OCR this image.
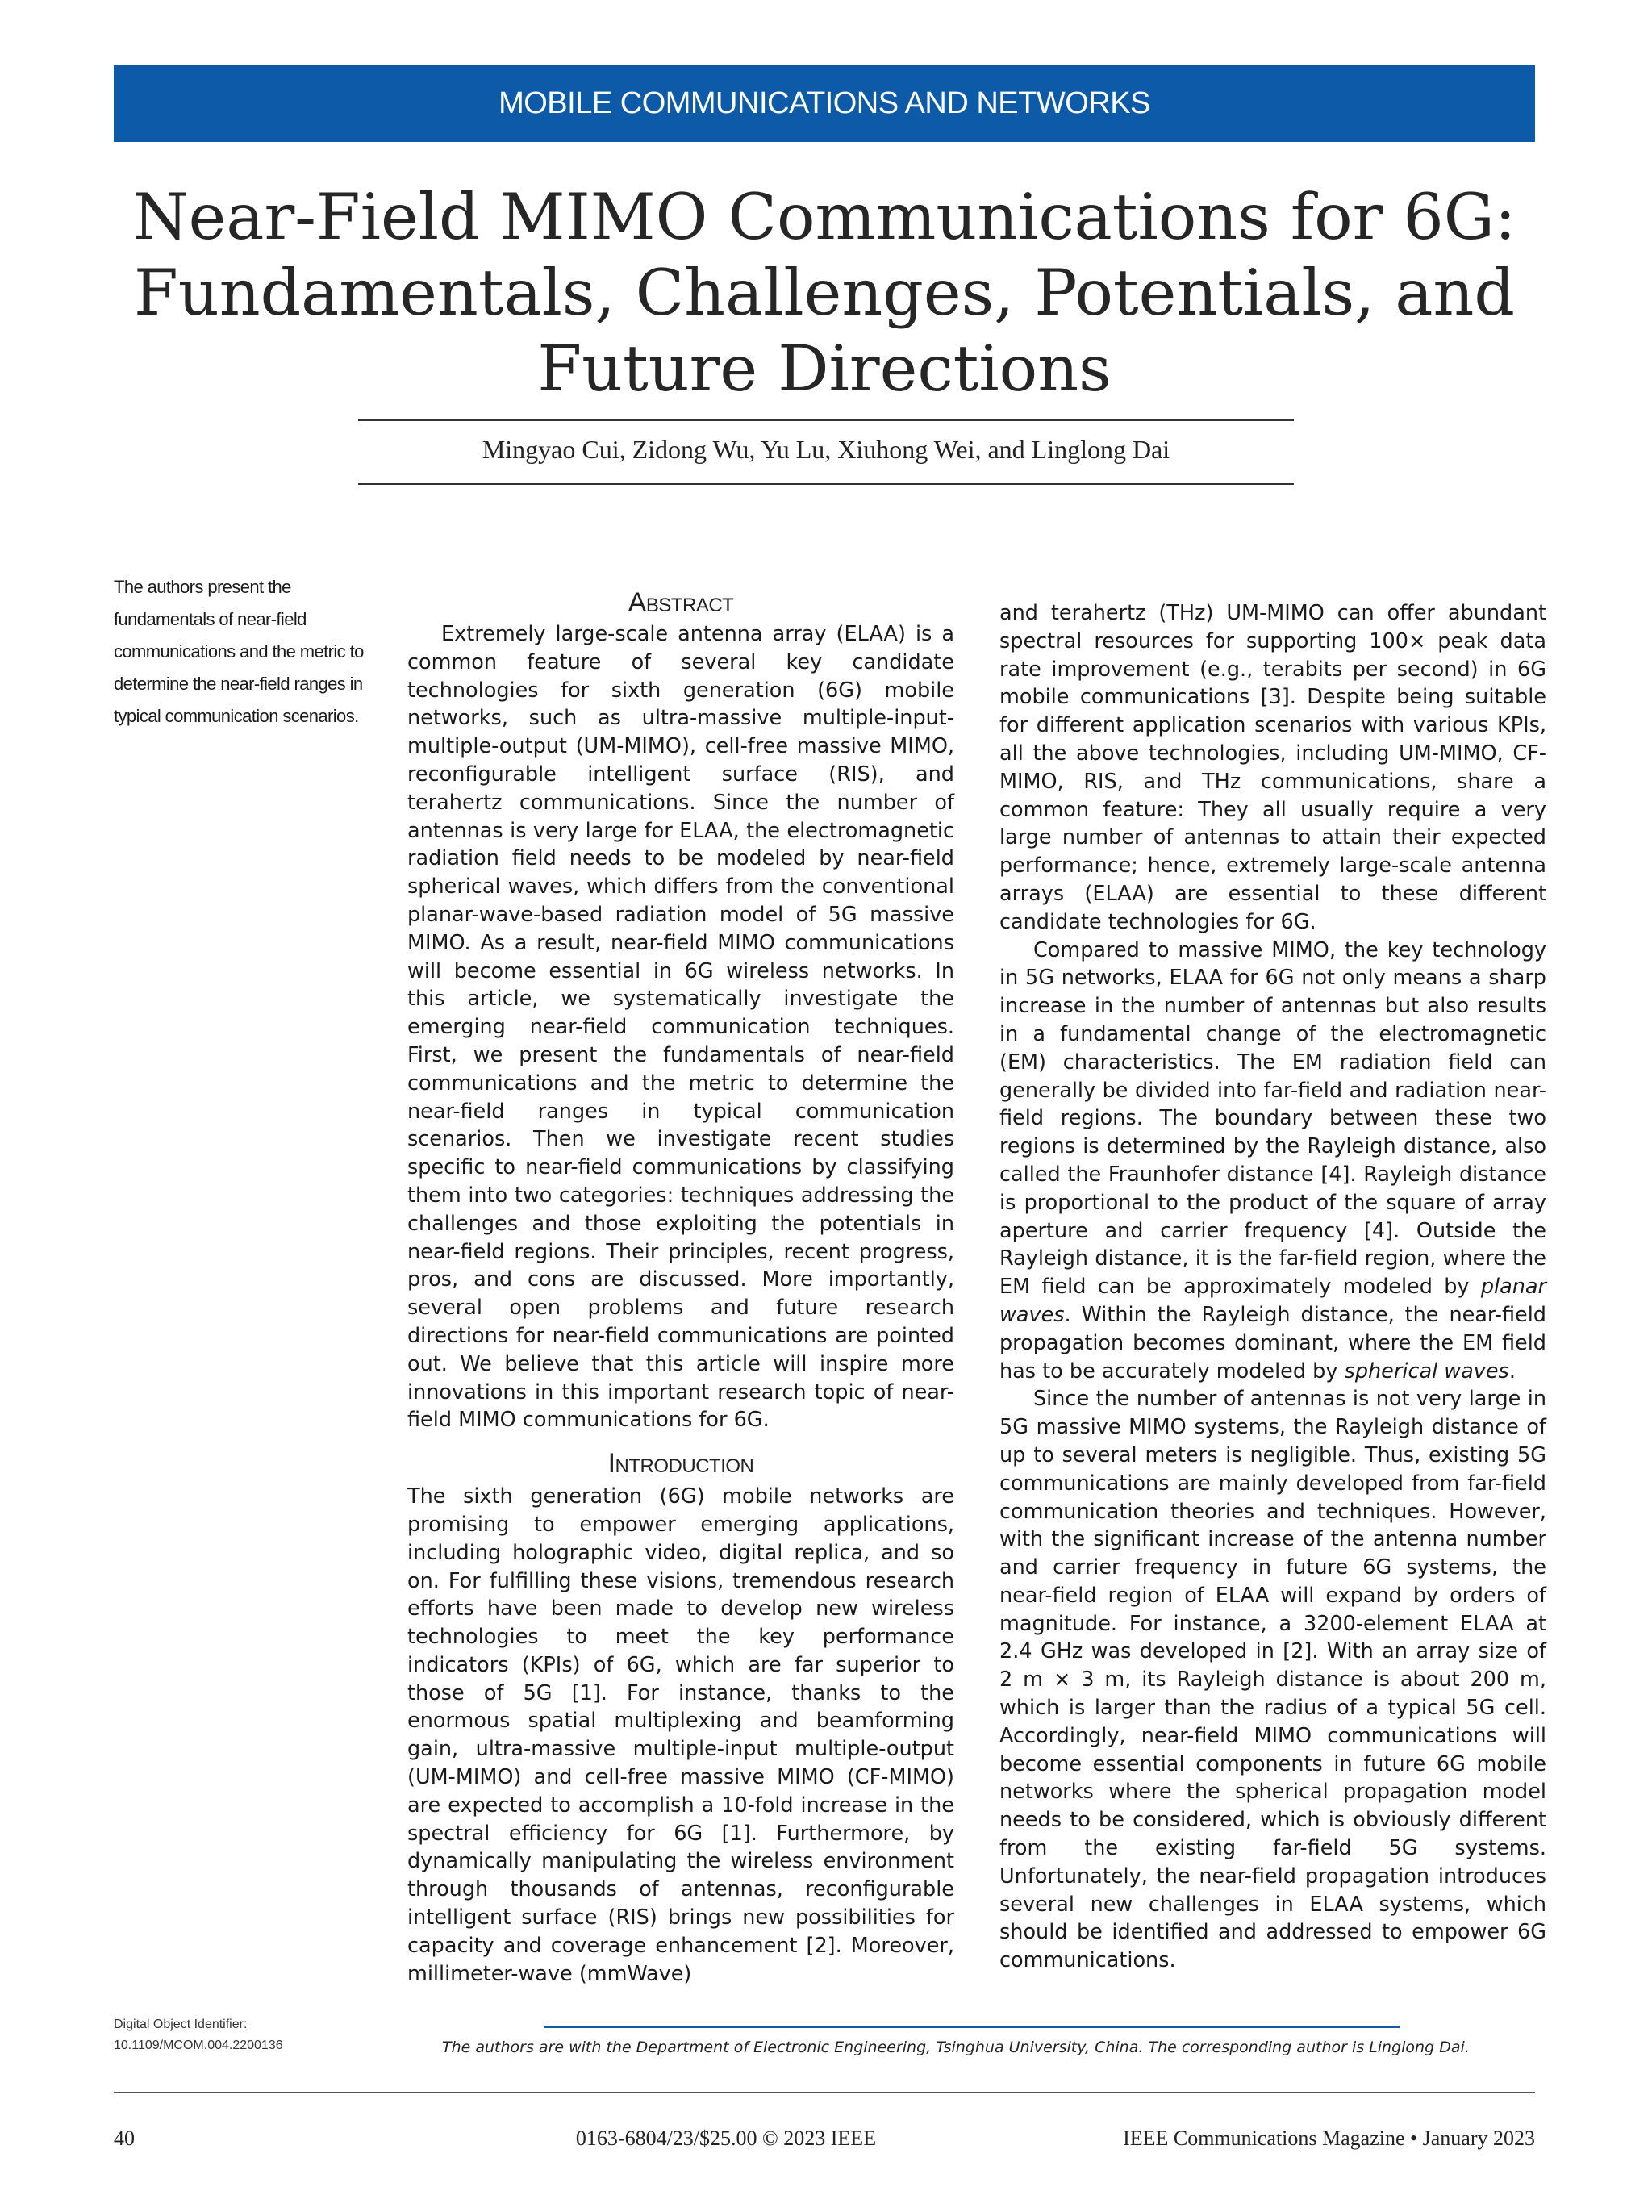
MOBILE COMMUNICATIONS AND NETWORKS
Near-Field MIMO Communications for 6G:
Fundamentals, Challenges, Potentials, and
Future Directions
Mingyao Cui, Zidong Wu, Yu Lu, Xiuhong Wei, and Linglong Dai
The authors present the fundamentals of near-field communications and the metric to determine the near-field ranges in typical communication scenarios.
Digital Object Identifier:
10.1109/MCOM.004.2200136
Abstract

Extremely large-scale antenna array (ELAA) is a common feature of several key candidate technologies for sixth generation (6G) mobile networks, such as ultra-massive multiple-input-multiple-output (UM-MIMO), cell-free massive MIMO, reconfigurable intelligent surface (RIS), and terahertz communications. Since the number of antennas is very large for ELAA, the electromagnetic radiation field needs to be modeled by near-field spherical waves, which differs from the conventional planar-wave-based radiation model of 5G massive MIMO. As a result, near-field MIMO communications will become essential in 6G wireless networks. In this article, we systematically investigate the emerging near-field communication techniques. First, we present the fundamentals of near-field communications and the metric to determine the near-field ranges in typical communication scenarios. Then we investigate recent studies specific to near-field communications by classifying them into two categories: techniques addressing the challenges and those exploiting the potentials in near-field regions. Their principles, recent progress, pros, and cons are discussed. More importantly, several open problems and future research directions for near-field communications are pointed out. We believe that this article will inspire more innovations in this important research topic of near-field MIMO communications for 6G.

Introduction

The sixth generation (6G) mobile networks are promising to empower emerging applications, including holographic video, digital replica, and so on. For fulfilling these visions, tremendous research efforts have been made to develop new wireless technologies to meet the key performance indicators (KPIs) of 6G, which are far superior to those of 5G [1]. For instance, thanks to the enormous spatial multiplexing and beamforming gain, ultra-massive multiple-input multiple-output (UM-MIMO) and cell-free massive MIMO (CF-MIMO) are expected to accomplish a 10-fold increase in the spectral efficiency for 6G [1]. Furthermore, by dynamically manipulating the wireless environment through thousands of antennas, reconfigurable intelligent surface (RIS) brings new possibilities for capacity and coverage enhancement [2]. Moreover, millimeter-wave (mmWave)

and terahertz (THz) UM-MIMO can offer abundant spectral resources for supporting 100× peak data rate improvement (e.g., terabits per second) in 6G mobile communications [3]. Despite being suitable for different application scenarios with various KPIs, all the above technologies, including UM-MIMO, CF-MIMO, RIS, and THz communications, share a common feature: They all usually require a very large number of antennas to attain their expected performance; hence, extremely large-scale antenna arrays (ELAA) are essential to these different candidate technologies for 6G.

Compared to massive MIMO, the key technology in 5G networks, ELAA for 6G not only means a sharp increase in the number of antennas but also results in a fundamental change of the electromagnetic (EM) characteristics. The EM radiation field can generally be divided into far-field and radiation near-field regions. The boundary between these two regions is determined by the Rayleigh distance, also called the Fraunhofer distance [4]. Rayleigh distance is proportional to the product of the square of array aperture and carrier frequency [4]. Outside the Rayleigh distance, it is the far-field region, where the EM field can be approximately modeled by planar waves. Within the Rayleigh distance, the near-field propagation becomes dominant, where the EM field has to be accurately modeled by spherical waves.

Since the number of antennas is not very large in 5G massive MIMO systems, the Rayleigh distance of up to several meters is negligible. Thus, existing 5G communications are mainly developed from far-field communication theories and techniques. However, with the significant increase of the antenna number and carrier frequency in future 6G systems, the near-field region of ELAA will expand by orders of magnitude. For instance, a 3200-element ELAA at 2.4 GHz was developed in [2]. With an array size of 2 m × 3 m, its Rayleigh distance is about 200 m, which is larger than the radius of a typical 5G cell. Accordingly, near-field MIMO communications will become essential components in future 6G mobile networks where the spherical propagation model needs to be considered, which is obviously different from the existing far-field 5G systems. Unfortunately, the near-field propagation introduces several new challenges in ELAA systems, which should be identified and addressed to empower 6G communications.

The authors are with the Department of Electronic Engineering, Tsinghua University, China. The corresponding author is Linglong Dai.
40	0163-6804/23/$25.00 © 2023 IEEE	IEEE Communications Magazine • January 2023
